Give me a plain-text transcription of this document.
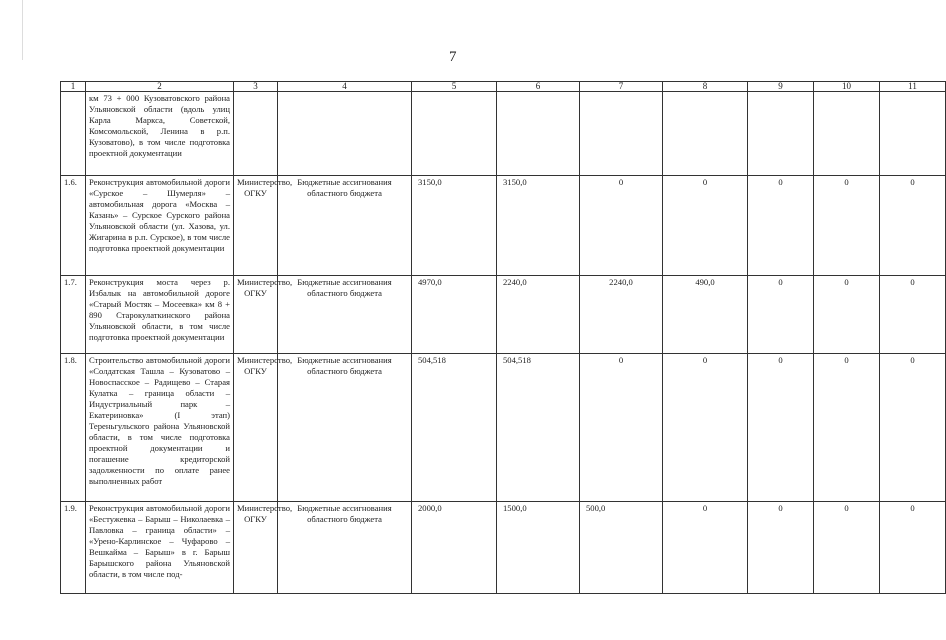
7
1	2	3	4	5	6	7	8	9	10	11
	км 73 + 000 Кузоватовского района Ульяновской области (вдоль улиц Карла Маркса, Советской, Комсомольской, Ленина в р.п. Кузоватово), в том числе подготовка проектной документации									
1.6.	Реконструкция автомобильной дороги «Сурское – Шумерля» – автомобильная дорога «Москва – Казань» – Сурское Сурского района Ульяновской области (ул. Хазова, ул. Жигарина в р.п. Сурское), в том числе подготовка проектной документации	Министерство, ОГКУ	Бюджетные ассигнования областного бюджета	3150,0	3150,0	0	0	0	0	0
1.7.	Реконструкция моста через р. Избалык на автомобильной дороге «Старый Мостяк – Мосеевка» км 8 + 890 Старокулаткинского района Ульяновской области, в том числе подготовка проектной документации	Министерство, ОГКУ	Бюджетные ассигнования областного бюджета	4970,0	2240,0	2240,0	490,0	0	0	0
1.8.	Строительство автомобильной дороги «Солдатская Ташла – Кузоватово – Новоспасское – Радищево – Старая Кулатка – граница области – Индустриальный парк – Екатериновка» (I этап) Тереньгульского района Ульяновской области, в том числе подготовка проектной документации и погашение кредиторской задолженности по оплате ранее выполненных работ	Министерство, ОГКУ	Бюджетные ассигнования областного бюджета	504,518	504,518	0	0	0	0	0
1.9.	Реконструкция автомобильной дороги «Бестужевка – Барыш – Николаевка – Павловка – граница области» – «Урено-Карлинское – Чуфарово – Вешкайма – Барыш» в г. Барыш Барышского района Ульяновской области, в том числе под-	Министерство, ОГКУ	Бюджетные ассигнования областного бюджета	2000,0	1500,0	500,0	0	0	0	0
